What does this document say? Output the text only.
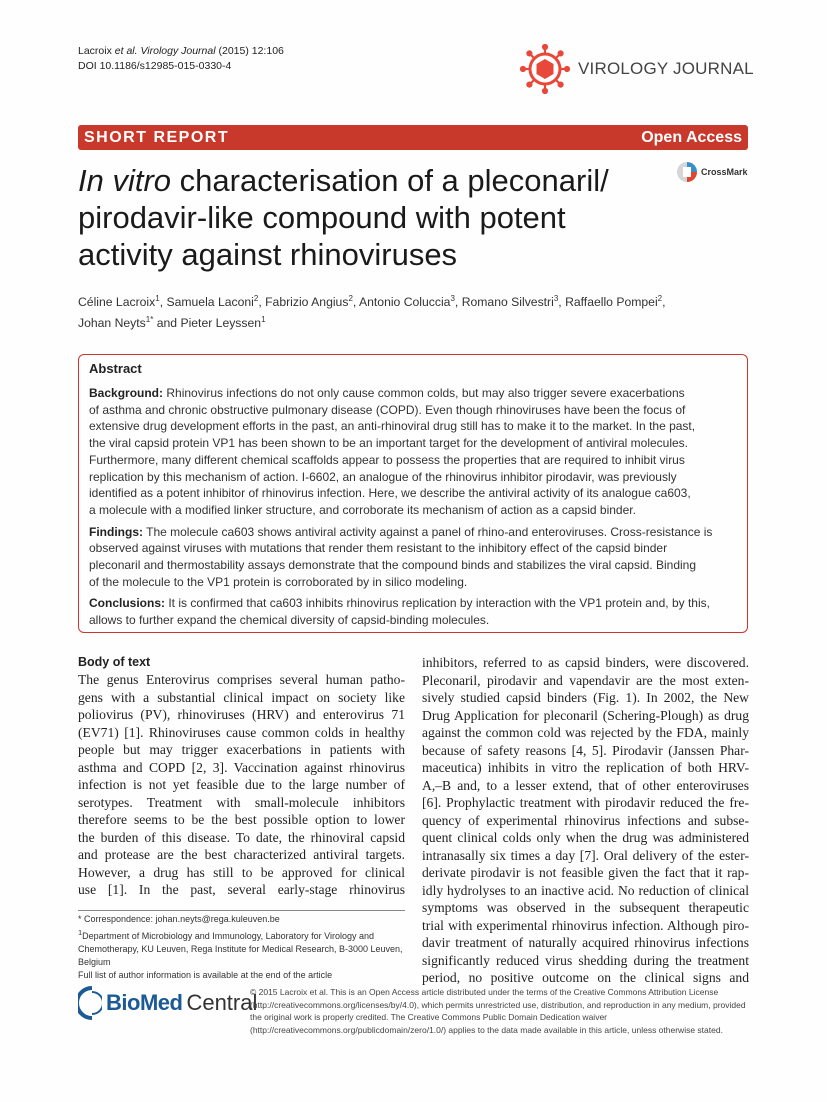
Lacroix et al. Virology Journal (2015) 12:106
DOI 10.1186/s12985-015-0330-4	VIROLOGY JOURNAL
SHORT REPORT	Open Access
CrossMark
In vitro characterisation of a pleconaril/
pirodavir-like compound with potent
activity against rhinoviruses
Céline Lacroix$^1$, Samuela Laconi$^2$, Fabrizio Angius$^2$, Antonio Coluccia$^3$, Romano Silvestri$^3$, Raffaello Pompei$^2$,
Johan Neyts$^{1*}$ and Pieter Leyssen$^1$
Abstract
Background: Rhinovirus infections do not only cause common colds, but may also trigger severe exacerbations
of asthma and chronic obstructive pulmonary disease (COPD). Even though rhinoviruses have been the focus of
extensive drug development efforts in the past, an anti-rhinoviral drug still has to make it to the market. In the past,
the viral capsid protein VP1 has been shown to be an important target for the development of antiviral molecules.
Furthermore, many different chemical scaffolds appear to possess the properties that are required to inhibit virus
replication by this mechanism of action. I-6602, an analogue of the rhinovirus inhibitor pirodavir, was previously
identified as a potent inhibitor of rhinovirus infection. Here, we describe the antiviral activity of its analogue ca603,
a molecule with a modified linker structure, and corroborate its mechanism of action as a capsid binder.
Findings: The molecule ca603 shows antiviral activity against a panel of rhino-and enteroviruses. Cross-resistance is
observed against viruses with mutations that render them resistant to the inhibitory effect of the capsid binder
pleconaril and thermostability assays demonstrate that the compound binds and stabilizes the viral capsid. Binding
of the molecule to the VP1 protein is corroborated by in silico modeling.
Conclusions: It is confirmed that ca603 inhibits rhinovirus replication by interaction with the VP1 protein and, by this,
allows to further expand the chemical diversity of capsid-binding molecules.
Body of text
The genus Enterovirus comprises several human patho-
gens with a substantial clinical impact on society like
poliovirus (PV), rhinoviruses (HRV) and enterovirus 71
(EV71) [1]. Rhinoviruses cause common colds in healthy
people but may trigger exacerbations in patients with
asthma and COPD [2, 3]. Vaccination against rhinovirus
infection is not yet feasible due to the large number of
serotypes. Treatment with small-molecule inhibitors
therefore seems to be the best possible option to lower
the burden of this disease. To date, the rhinoviral capsid
and protease are the best characterized antiviral targets.
However, a drug has still to be approved for clinical
use [1]. In the past, several early-stage rhinovirus
inhibitors, referred to as capsid binders, were discovered.
Pleconaril, pirodavir and vapendavir are the most exten-
sively studied capsid binders (Fig. 1). In 2002, the New
Drug Application for pleconaril (Schering-Plough) as drug
against the common cold was rejected by the FDA, mainly
because of safety reasons [4, 5]. Pirodavir (Janssen Phar-
maceutica) inhibits in vitro the replication of both HRV-
A,–B and, to a lesser extend, that of other enteroviruses
[6]. Prophylactic treatment with pirodavir reduced the fre-
quency of experimental rhinovirus infections and subse-
quent clinical colds only when the drug was administered
intranasally six times a day [7]. Oral delivery of the ester-
derivate pirodavir is not feasible given the fact that it rap-
idly hydrolyses to an inactive acid. No reduction of clinical
symptoms was observed in the subsequent therapeutic
trial with experimental rhinovirus infection. Although piro-
davir treatment of naturally acquired rhinovirus infections
significantly reduced virus shedding during the treatment
period, no positive outcome on the clinical signs and
* Correspondence: johan.neyts@rega.kuleuven.be
$^1$Department of Microbiology and Immunology, Laboratory for Virology and Chemotherapy, KU Leuven, Rega Institute for Medical Research, B-3000 Leuven, Belgium
Full list of author information is available at the end of the article
BioMed Central
© 2015 Lacroix et al. This is an Open Access article distributed under the terms of the Creative Commons Attribution License (http://creativecommons.org/licenses/by/4.0), which permits unrestricted use, distribution, and reproduction in any medium, provided the original work is properly credited. The Creative Commons Public Domain Dedication waiver (http://creativecommons.org/publicdomain/zero/1.0/) applies to the data made available in this article, unless otherwise stated.
